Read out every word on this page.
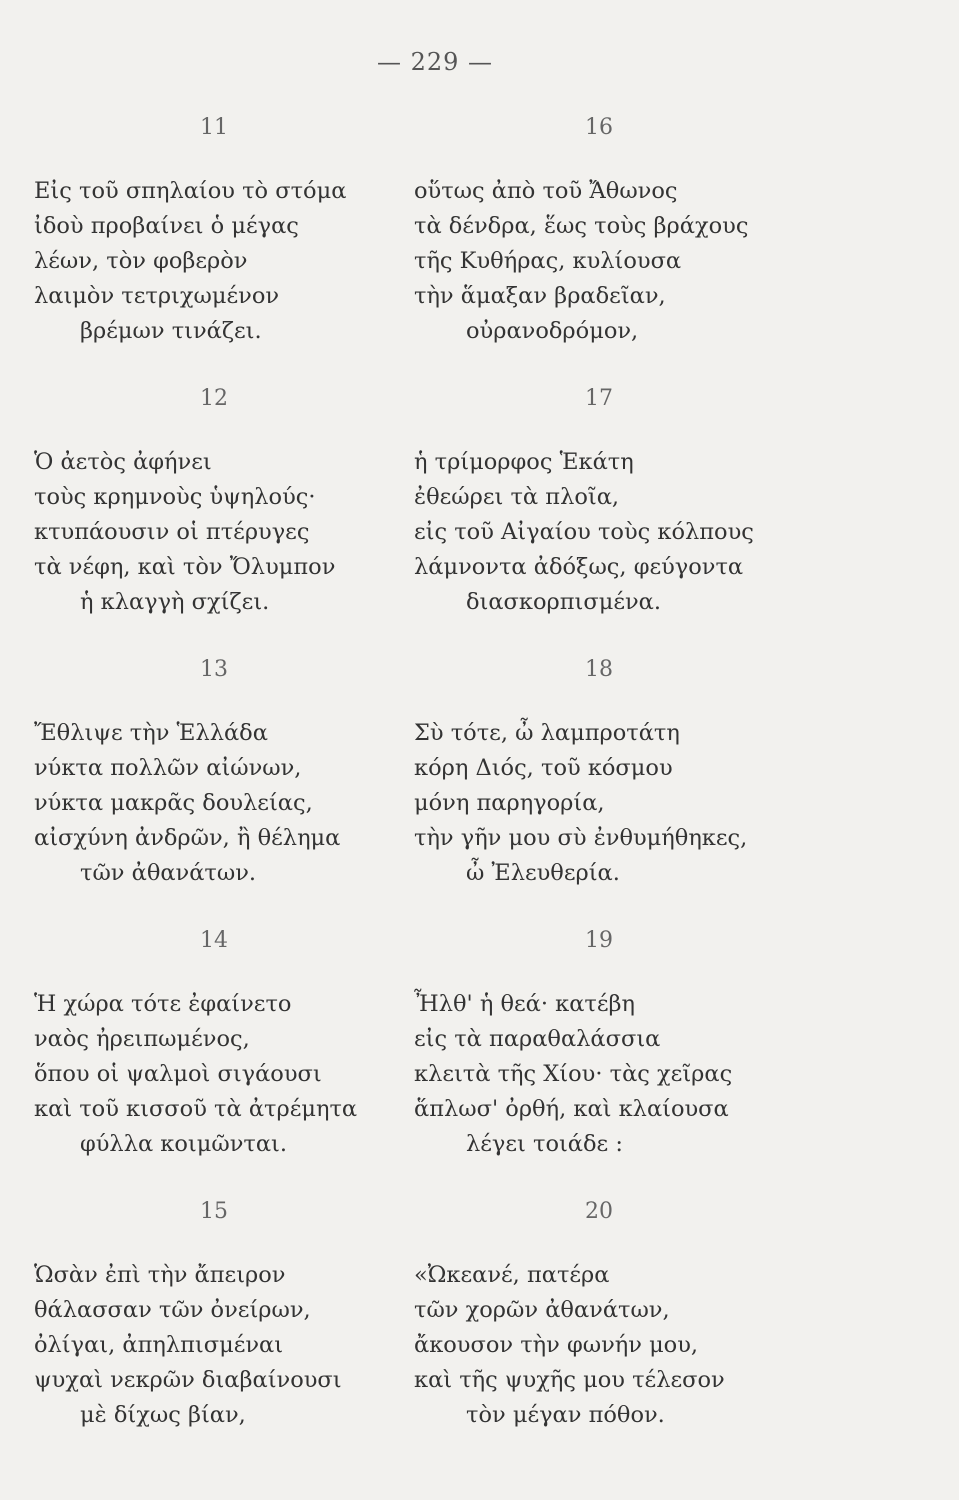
— 229 —
11
Εἰς τοῦ σπηλαίου τὸ στόμα
ἰδοὺ προβαίνει ὁ μέγας
λέων, τὸν φοβερὸν
λαιμὸν τετριχωμένον
βρέμων τινάζει.
12
Ὁ ἀετὸς ἀφήνει
τοὺς κρημνοὺς ὑψηλούς·
κτυπάουσιν οἱ πτέρυγες
τὰ νέφη, καὶ τὸν Ὄλυμπον
ἡ κλαγγὴ σχίζει.
13
Ἔθλιψε τὴν Ἑλλάδα
νύκτα πολλῶν αἰώνων,
νύκτα μακρᾶς δουλείας,
αἰσχύνη ἀνδρῶν, ἢ θέλημα
τῶν ἀθανάτων.
14
Ἡ χώρα τότε ἐφαίνετο
ναὸς ἠρειπωμένος,
ὅπου οἱ ψαλμοὶ σιγάουσι
καὶ τοῦ κισσοῦ τὰ ἀτρέμητα
φύλλα κοιμῶνται.
15
Ὡσὰν ἐπὶ τὴν ἄπειρον
θάλασσαν τῶν ὀνείρων,
ὀλίγαι, ἀπηλπισμέναι
ψυχαὶ νεκρῶν διαβαίνουσι
μὲ δίχως βίαν,
16
οὕτως ἀπὸ τοῦ Ἄθωνος
τὰ δένδρα, ἕως τοὺς βράχους
τῆς Κυθήρας, κυλίουσα
τὴν ἅμαξαν βραδεῖαν,
οὐρανοδρόμον,
17
ἡ τρίμορφος Ἑκάτη
ἐθεώρει τὰ πλοῖα,
εἰς τοῦ Αἰγαίου τοὺς κόλπους
λάμνοντα ἀδόξως, φεύγοντα
διασκορπισμένα.
18
Σὺ τότε, ὦ λαμπροτάτη
κόρη Διός, τοῦ κόσμου
μόνη παρηγορία,
τὴν γῆν μου σὺ ἐνθυμήθηκες,
ὦ Ἐλευθερία.
19
Ἦλθ' ἡ θεά· κατέβη
εἰς τὰ παραθαλάσσια
κλειτὰ τῆς Χίου· τὰς χεῖρας
ἅπλωσ' ὀρθή, καὶ κλαίουσα
λέγει τοιάδε :
20
«Ὠκεανέ, πατέρα
τῶν χορῶν ἀθανάτων,
ἄκουσον τὴν φωνήν μου,
καὶ τῆς ψυχῆς μου τέλεσον
τὸν μέγαν πόθον.
